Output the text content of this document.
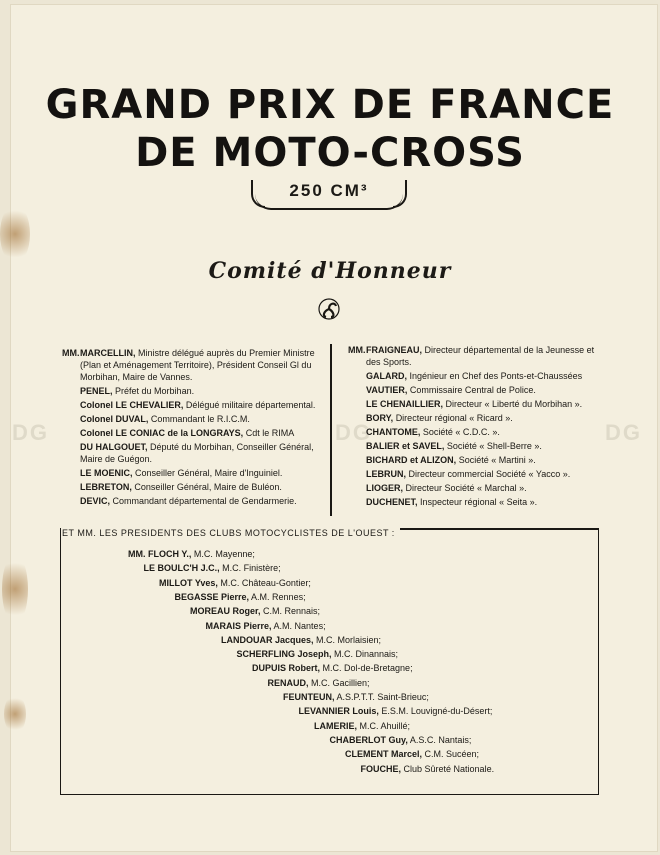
DG	DG	DG
GRAND PRIX DE FRANCE
DE MOTO-CROSS
250 CM³
Comité d'Honneur
MM.MARCELLIN, Ministre délégué auprès du Premier Ministre (Plan et Aménagement Territoire), Président Conseil Gl du Morbihan, Maire de Vannes.
PENEL, Préfet du Morbihan.
Colonel LE CHEVALIER, Délégué militaire départemental.
Colonel DUVAL, Commandant le R.I.C.M.
Colonel LE CONIAC de la LONGRAYS, Cdt le RIMA
DU HALGOUET, Député du Morbihan, Conseiller Général, Maire de Guégon.
LE MOENIC, Conseiller Général, Maire d'Inguiniel.
LEBRETON, Conseiller Général, Maire de Buléon.
DEVIC, Commandant départemental de Gendarmerie.
MM.FRAIGNEAU, Directeur départemental de la Jeunesse et des Sports.
GALARD, Ingénieur en Chef des Ponts-et-Chaussées
VAUTIER, Commissaire Central de Police.
LE CHENAILLIER, Directeur « Liberté du Morbihan ».
BORY, Directeur régional « Ricard ».
CHANTOME, Société « C.D.C. ».
BALIER et SAVEL, Société « Shell-Berre ».
BICHARD et ALIZON, Société « Martini ».
LEBRUN, Directeur commercial Société « Yacco ».
LIOGER, Directeur Société « Marchal ».
DUCHENET, Inspecteur régional « Seita ».
ET MM. LES PRESIDENTS DES CLUBS MOTOCYCLISTES DE L'OUEST :
MM. FLOCH Y., M.C. Mayenne;
LE BOULC'H J.C., M.C. Finistère;
MILLOT Yves, M.C. Château-Gontier;
BEGASSE Pierre, A.M. Rennes;
MOREAU Roger, C.M. Rennais;
MARAIS Pierre, A.M. Nantes;
LANDOUAR Jacques, M.C. Morlaisien;
SCHERFLING Joseph, M.C. Dinannais;
DUPUIS Robert, M.C. Dol-de-Bretagne;
RENAUD, M.C. Gacillien;
FEUNTEUN, A.S.P.T.T. Saint-Brieuc;
LEVANNIER Louis, E.S.M. Louvigné-du-Désert;
LAMERIE, M.C. Ahuillé;
CHABERLOT Guy, A.S.C. Nantais;
CLEMENT Marcel, C.M. Sucéen;
FOUCHE, Club Sûreté Nationale.
